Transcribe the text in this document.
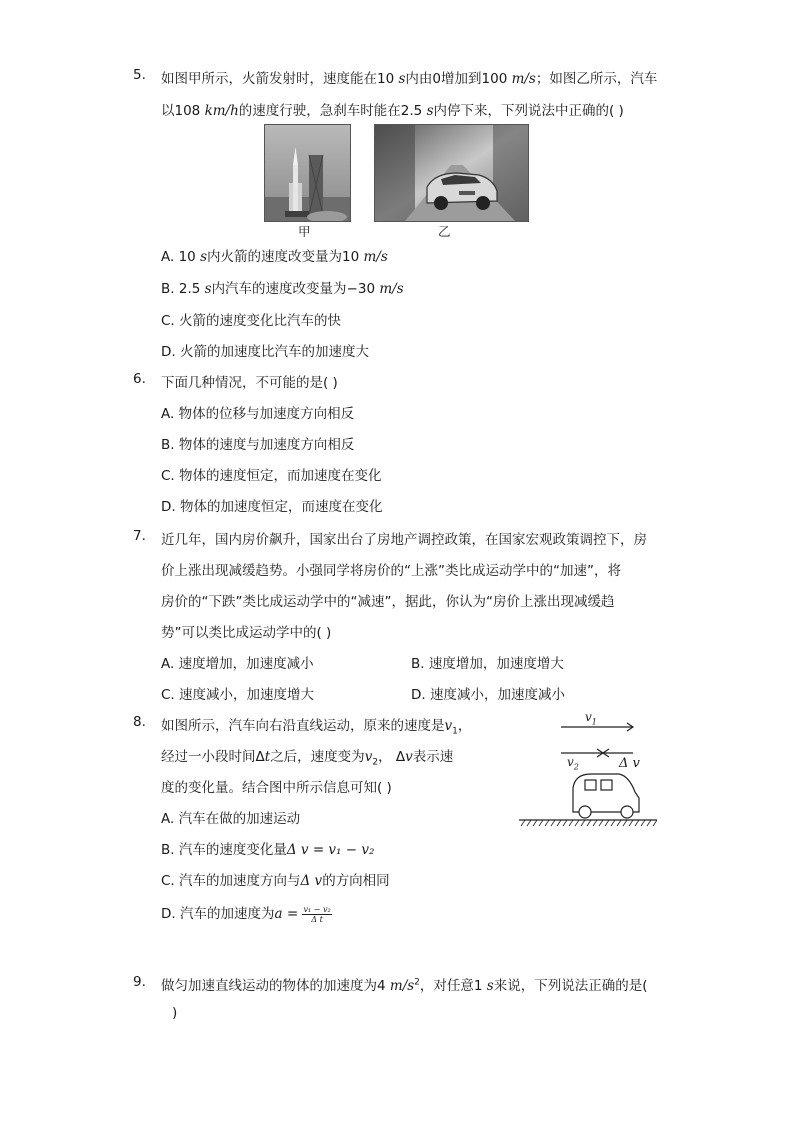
5. 如图甲所示，火箭发射时，速度能在10 s内由0增加到100 m/s；如图乙所示，汽车
以108 km/h的速度行驶，急刹车时能在2.5 s内停下来，下列说法中正确的( )
甲	乙
A. 10 s内火箭的速度改变量为10 m/s
B. 2.5 s内汽车的速度改变量为−30 m/s
C. 火箭的速度变化比汽车的快
D. 火箭的加速度比汽车的加速度大
6. 下面几种情况，不可能的是( )
A. 物体的位移与加速度方向相反
B. 物体的速度与加速度方向相反
C. 物体的速度恒定，而加速度在变化
D. 物体的加速度恒定，而速度在变化
7. 近几年，国内房价飙升，国家出台了房地产调控政策，在国家宏观政策调控下，房
价上涨出现减缓趋势。小强同学将房价的“上涨”类比成运动学中的“加速”，将
房价的“下跌”类比成运动学中的“减速”，据此，你认为“房价上涨出现减缓趋
势”可以类比成运动学中的( )
A. 速度增加，加速度减小	B. 速度增加，加速度增大
C. 速度减小，加速度增大	D. 速度减小，加速度减小
8. 如图所示，汽车向右沿直线运动，原来的速度是$v_1$，
经过一小段时间Δt之后，速度变为$v_2$， Δv表示速
度的变化量。结合图中所示信息可知( )
$v_1$
$v_2$	Δ v
A. 汽车在做的加速运动
B. 汽车的速度变化量Δ v = v₁ − v₂
C. 汽车的加速度方向与Δ v的方向相同
D. 汽车的加速度为$a = \frac{\text{v₁ − v₂}}{\text{Δ t}}$
9. 做匀加速直线运动的物体的加速度为4 $m/s^2$，对任意1 s来说，下列说法正确的是(
)
